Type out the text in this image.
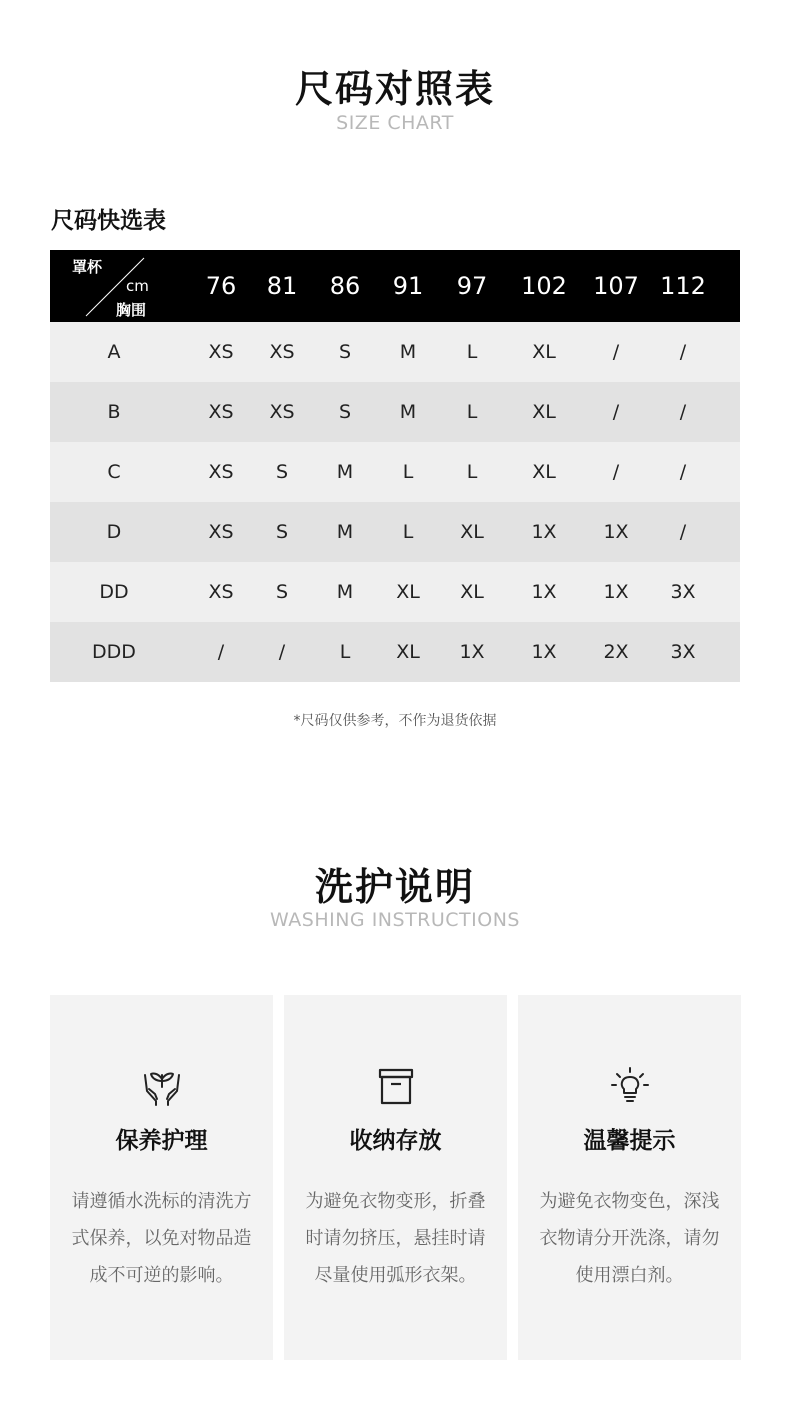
尺码对照表
SIZE CHART
尺码快选表
罩杯
cm
胸围
76 81 86 91 97 102 107 112
A	XS XS S	M	L	XL	/	/
B	XS XS S	M	L	XL	/	/
C	XS S	M	L	L	XL	/	/
D	XS S	M	L XL	1X 1X	/
DD	XS S	M XL XL	1X 1X 3X
DDD	/	/	L XL 1X 1X 2X 3X
*尺码仅供参考，不作为退货依据
洗护说明
WASHING INSTRUCTIONS
保养护理
请遵循水洗标的清洗方
式保养，以免对物品造
成不可逆的影响。
收纳存放
为避免衣物变形，折叠
时请勿挤压，悬挂时请
尽量使用弧形衣架。
温馨提示
为避免衣物变色，深浅
衣物请分开洗涤，请勿
使用漂白剂。
